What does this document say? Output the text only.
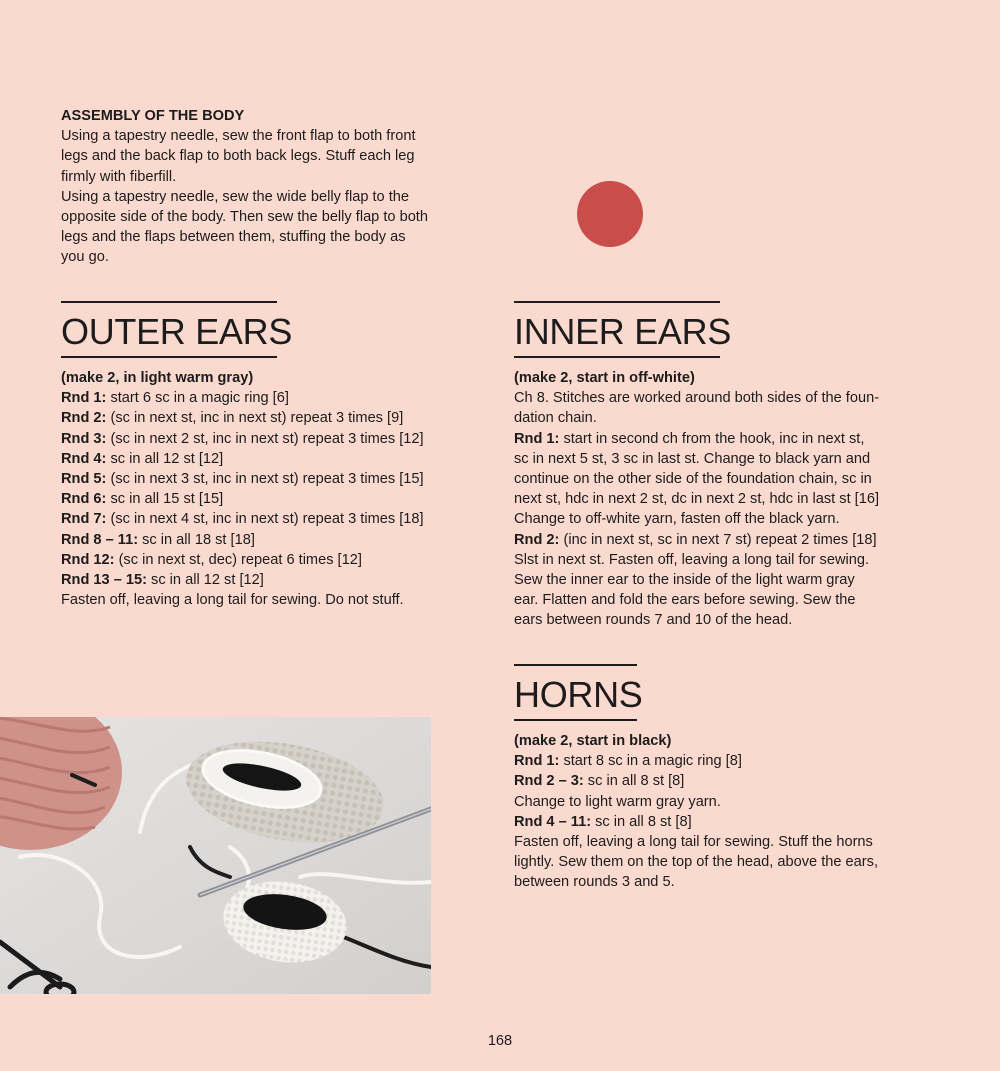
ASSEMBLY OF THE BODY
Using a tapestry needle, sew the front flap to both front
legs and the back flap to both back legs. Stuff each leg
firmly with fiberfill.
Using a tapestry needle, sew the wide belly flap to the
opposite side of the body. Then sew the belly flap to both
legs and the flaps between them, stuffing the body as
you go.
OUTER EARS
(make 2, in light warm gray)
Rnd 1: start 6 sc in a magic ring [6]
Rnd 2: (sc in next st, inc in next st) repeat 3 times [9]
Rnd 3: (sc in next 2 st, inc in next st) repeat 3 times [12]
Rnd 4: sc in all 12 st [12]
Rnd 5: (sc in next 3 st, inc in next st) repeat 3 times [15]
Rnd 6: sc in all 15 st [15]
Rnd 7: (sc in next 4 st, inc in next st) repeat 3 times [18]
Rnd 8 – 11: sc in all 18 st [18]
Rnd 12: (sc in next st, dec) repeat 6 times [12]
Rnd 13 – 15: sc in all 12 st [12]
Fasten off, leaving a long tail for sewing. Do not stuff.
INNER EARS
(make 2, start in off-white)
Ch 8. Stitches are worked around both sides of the foun-
dation chain.
Rnd 1: start in second ch from the hook, inc in next st,
sc in next 5 st, 3 sc in last st. Change to black yarn and
continue on the other side of the foundation chain, sc in
next st, hdc in next 2 st, dc in next 2 st, hdc in last st [16]
Change to off-white yarn, fasten off the black yarn.
Rnd 2: (inc in next st, sc in next 7 st) repeat 2 times [18]
Slst in next st. Fasten off, leaving a long tail for sewing.
Sew the inner ear to the inside of the light warm gray
ear. Flatten and fold the ears before sewing. Sew the
ears between rounds 7 and 10 of the head.
HORNS
(make 2, start in black)
Rnd 1: start 8 sc in a magic ring [8]
Rnd 2 – 3: sc in all 8 st [8]
Change to light warm gray yarn.
Rnd 4 – 11: sc in all 8 st [8]
Fasten off, leaving a long tail for sewing. Stuff the horns
lightly. Sew them on the top of the head, above the ears,
between rounds 3 and 5.
168
